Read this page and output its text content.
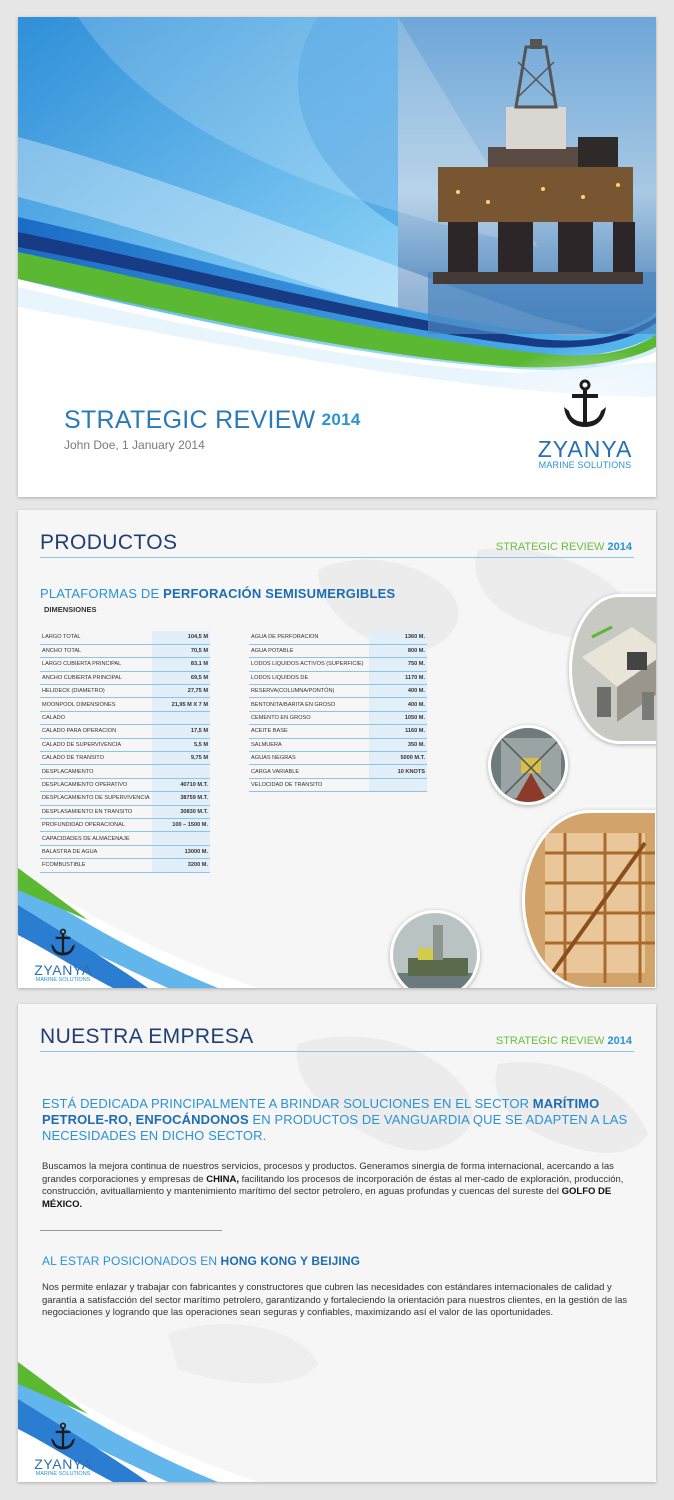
STRATEGIC REVIEW 2014
John Doe, 1 January 2014	ZYANYA
MARINE SOLUTIONS
PRODUCTOS	STRATEGIC REVIEW 2014
PLATAFORMAS DE PERFORACIÓN SEMISUMERGIBLES
DIMENSIONES
LARGO TOTAL	104,5 M
ANCHO TOTAL	70,5 M
LARGO CUBIERTA PRINCIPAL	83,1 M
ANCHO CUBIERTA PRINCIPAL	69,5 M
HELIDECK (DIAMETRO)	27,75 M
MOONPOOL DIMENSIONES	21,95 M X 7 M
CALADO	
CALADO PARA OPERACION	17,5 M
CALADO DE SUPERVIVENCIA	5,5 M
CALADO DE TRANSITO	9,75 M
DESPLACAMIENTO	
DESPLACAMIENTO OPERATIVO	40710 M.T.
DESPLACAMIENTO DE SUPERVIVENCIA	38759 M.T.
DESPLASAMIENTO EN TRANSITO	30830 M.T.
PROFUNDIDAD OPERACIONAL	100 – 1500 M.
CAPACIDADES DE ALMACENAJE	
BALASTRA DE AGUA	13000 M.
FCOMBUSTIBLE	3200 M.
AGUA DE PERFORACION	1360 M.
AGUA POTABLE	800 M.
LODOS LIQUIDOS ACTIVOS (SUPERFICIE)	750 M.
LODOS LIQUIDOS DE	1170 M.
RESERVA(COLUMNA/PONTÓN)	400 M.
BENTONITA/BARITA EN GROSO	400 M.
CEMENTO EN GROSO	1050 M.
ACEITE BASE	1160 M.
SALMUERA	350 M.
AGUAS NEGRAS	5000 M.T.
CARGA VARIABLE	10 KNOTS
VELOCIDAD DE TRANSITO	
ZYANYA
MARINE SOLUTIONS
NUESTRA EMPRESA	STRATEGIC REVIEW 2014
ESTÁ DEDICADA PRINCIPALMENTE A BRINDAR SOLUCIONES EN EL SECTOR MARÍTIMO PETROLE-RO, ENFOCÁNDONOS EN PRODUCTOS DE VANGUARDIA QUE SE ADAPTEN A LAS NECESIDADES EN DICHO SECTOR.
Buscamos la mejora continua de nuestros servicios, procesos y productos. Generamos sinergia de forma internacional, acercando a las grandes corporaciones y empresas de CHINA, facilitando los procesos de incorporación de éstas al mer-cado de exploración, producción, construcción, avituallamiento y mantenimiento marítimo del sector petrolero, en aguas profundas y cuencas del sureste del GOLFO DE MÉXICO.
AL ESTAR POSICIONADOS EN HONG KONG Y BEIJING
Nos permite enlazar y trabajar con fabricantes y constructores que cubren las necesidades con estándares internacionales de calidad y garantía a satisfacción del sector marítimo petrolero, garantizando y fortaleciendo la orientación para nuestros clientes, en la gestión de las negociaciones y logrando que las operaciones sean seguras y confiables, maximizando así el valor de las oportunidades.
ZYANYA
MARINE SOLUTIONS
